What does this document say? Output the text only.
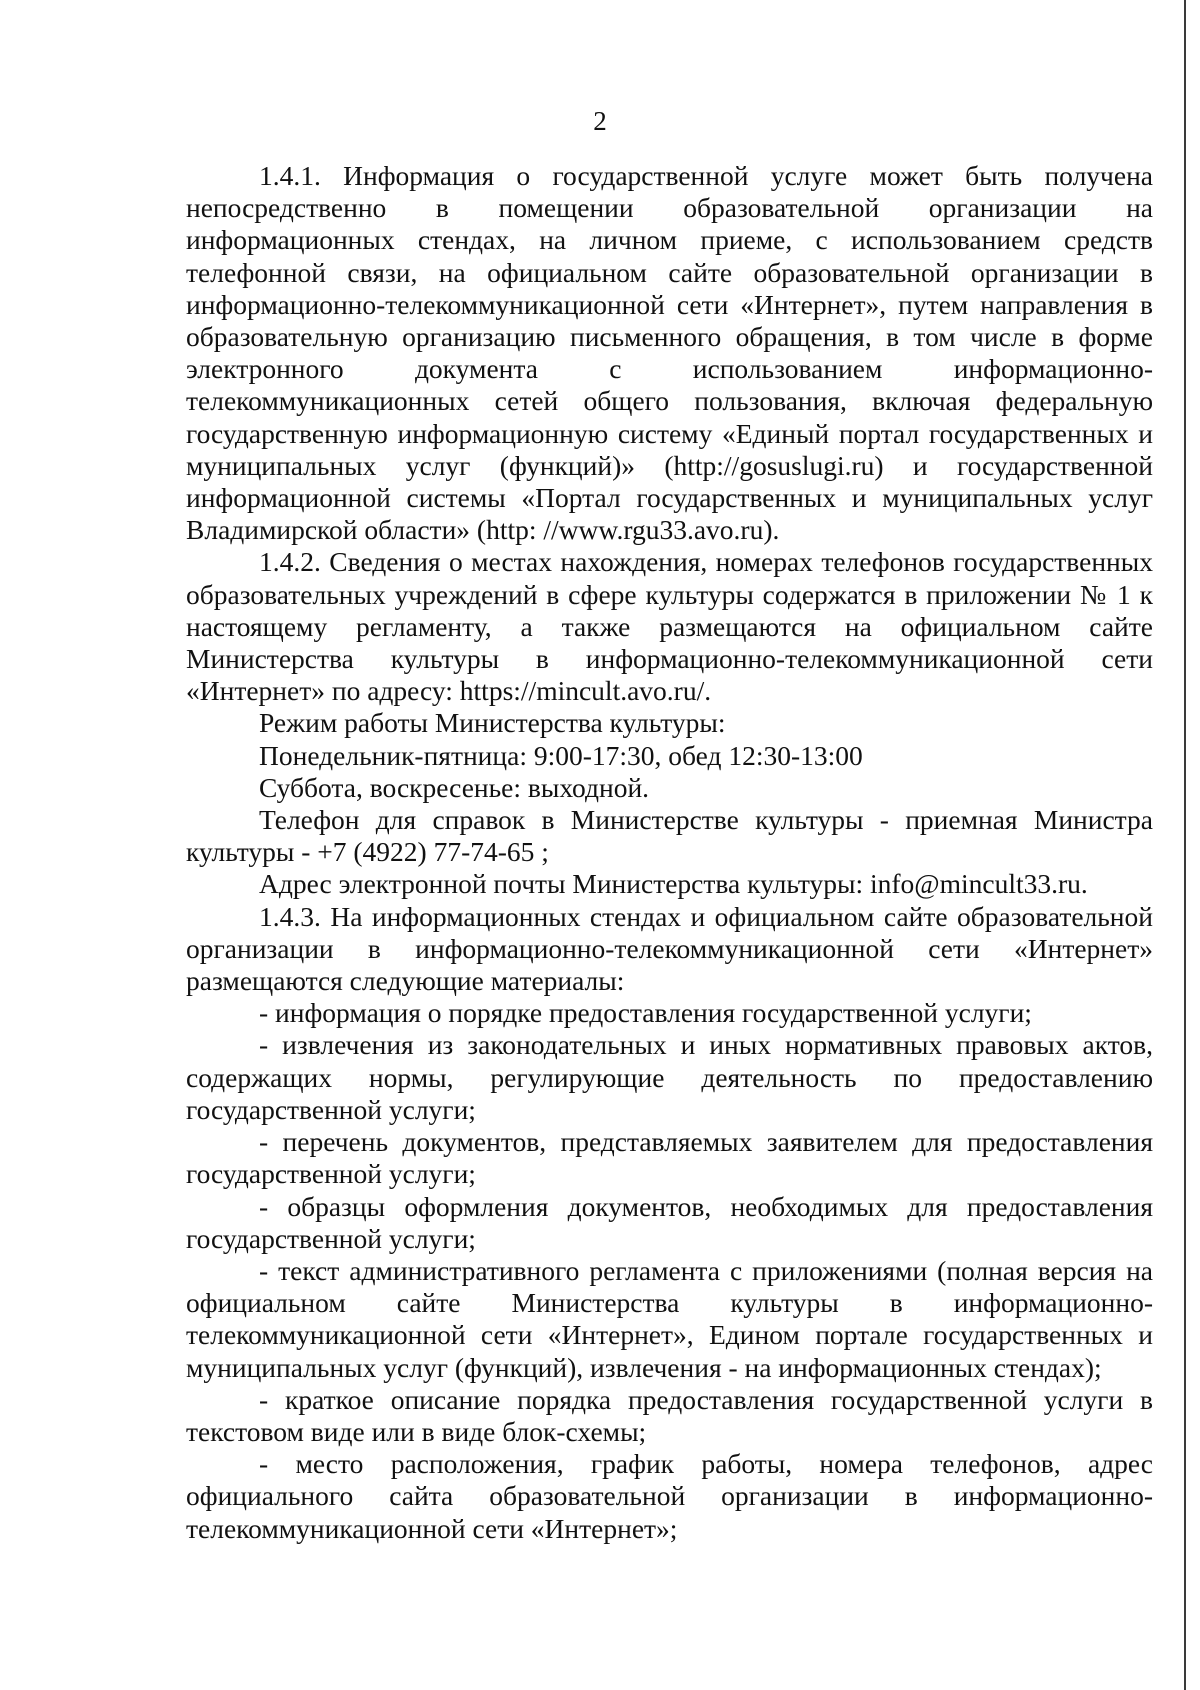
2

1.4.1. Информация о государственной услуге может быть получена непосредственно в помещении образовательной организации на информационных стендах, на личном приеме, с использованием средств телефонной связи, на официальном сайте образовательной организации в информационно-телекоммуникационной сети «Интернет», путем направления в образовательную организацию письменного обращения, в том числе в форме электронного документа с использованием информационно-телекоммуникационных сетей общего пользования, включая федеральную государственную информационную систему «Единый портал государственных и муниципальных услуг (функций)» (http://gosuslugi.ru) и государственной информационной системы «Портал государственных и муниципальных услуг Владимирской области» (http: //www.rgu33.avo.ru).

1.4.2. Сведения о местах нахождения, номерах телефонов государственных образовательных учреждений в сфере культуры содержатся в приложении № 1 к настоящему регламенту, а также размещаются на официальном сайте Министерства культуры в информационно-телекоммуникационной сети «Интернет» по адресу: https://mincult.avo.ru/.

Режим работы Министерства культуры:

Понедельник-пятница: 9:00-17:30, обед 12:30-13:00

Суббота, воскресенье: выходной.

Телефон для справок в Министерстве культуры - приемная Министра культуры - +7 (4922) 77-74-65 ;

Адрес электронной почты Министерства культуры: info@mincult33.ru.

1.4.3. На информационных стендах и официальном сайте образовательной организации в информационно-телекоммуникационной сети «Интернет» размещаются следующие материалы:

- информация о порядке предоставления государственной услуги;

- извлечения из законодательных и иных нормативных правовых актов, содержащих нормы, регулирующие деятельность по предоставлению государственной услуги;

- перечень документов, представляемых заявителем для предоставления государственной услуги;

- образцы оформления документов, необходимых для предоставления государственной услуги;

- текст административного регламента с приложениями (полная версия на официальном сайте Министерства культуры в информационно-телекоммуникационной сети «Интернет», Едином портале государственных и муниципальных услуг (функций), извлечения - на информационных стендах);

- краткое описание порядка предоставления государственной услуги в текстовом виде или в виде блок-схемы;

- место расположения, график работы, номера телефонов, адрес официального сайта образовательной организации в информационно-телекоммуникационной сети «Интернет»;
